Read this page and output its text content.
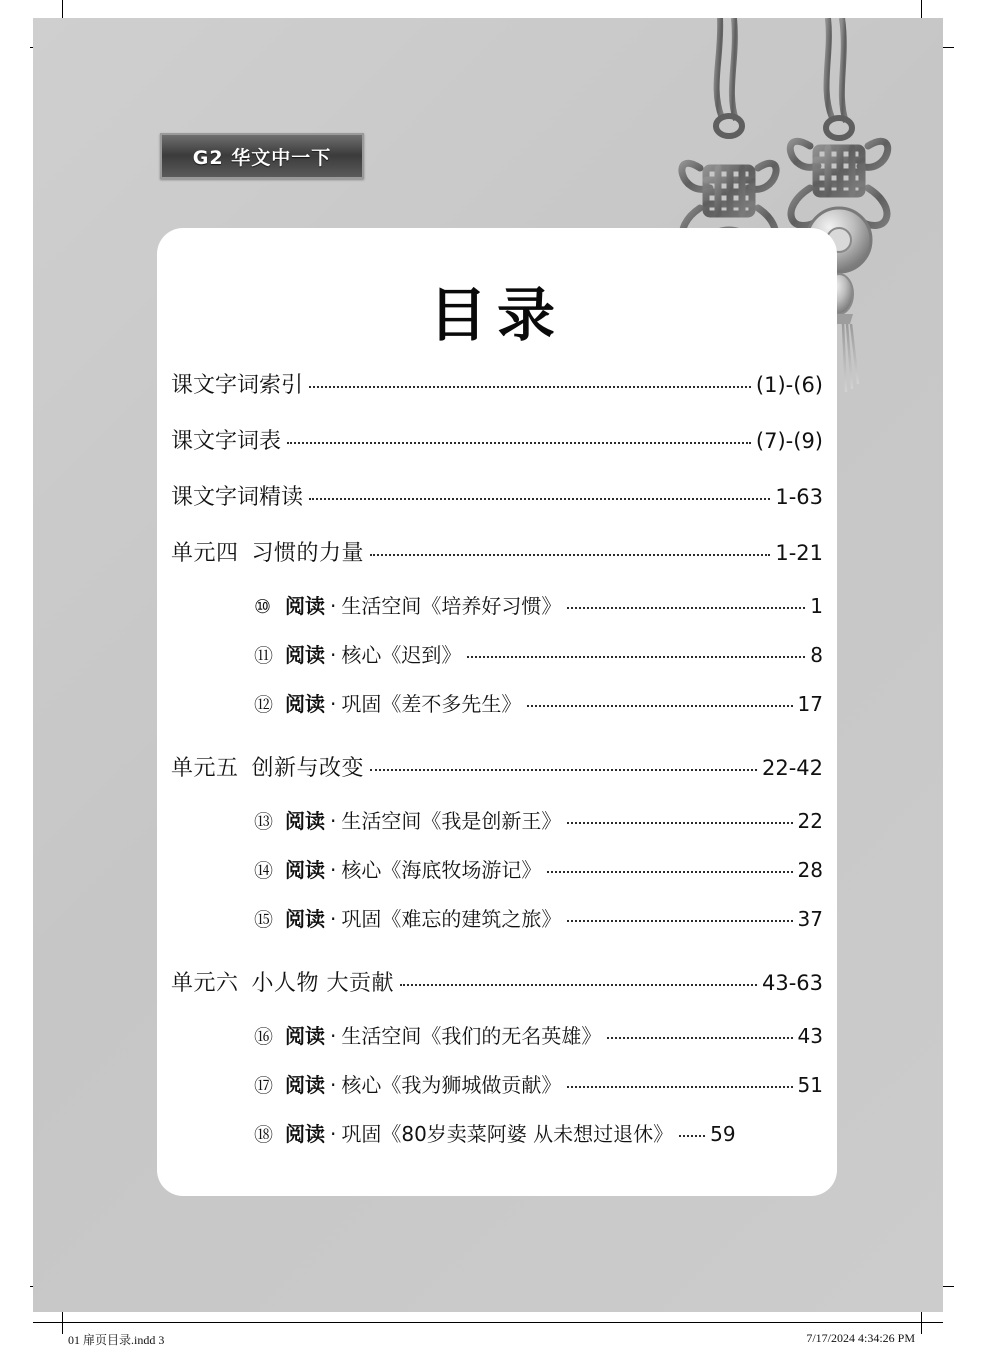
G2 华文中一下
目录
课文字词索引	(1)-(6)
课文字词表	(7)-(9)
课文字词精读	1-63
单元四 习惯的力量	1-21
⑩ 阅读 · 生活空间 《培养好习惯》	1
⑪ 阅读 · 核心 《迟到》	8
⑫ 阅读 · 巩固 《差不多先生》	17
单元五 创新与改变	22-42
⑬ 阅读 · 生活空间 《我是创新王》	22
⑭ 阅读 · 核心 《海底牧场游记》	28
⑮ 阅读 · 巩固 《难忘的建筑之旅》	37
单元六 小人物 大贡献	43-63
⑯ 阅读 · 生活空间 《我们的无名英雄》	43
⑰ 阅读 · 核心 《我为狮城做贡献》	51
⑱ 阅读 · 巩固 《80岁卖菜阿婆 从未想过退休》 59
01 扉页目录.indd 3	7/17/2024 4:34:26 PM
